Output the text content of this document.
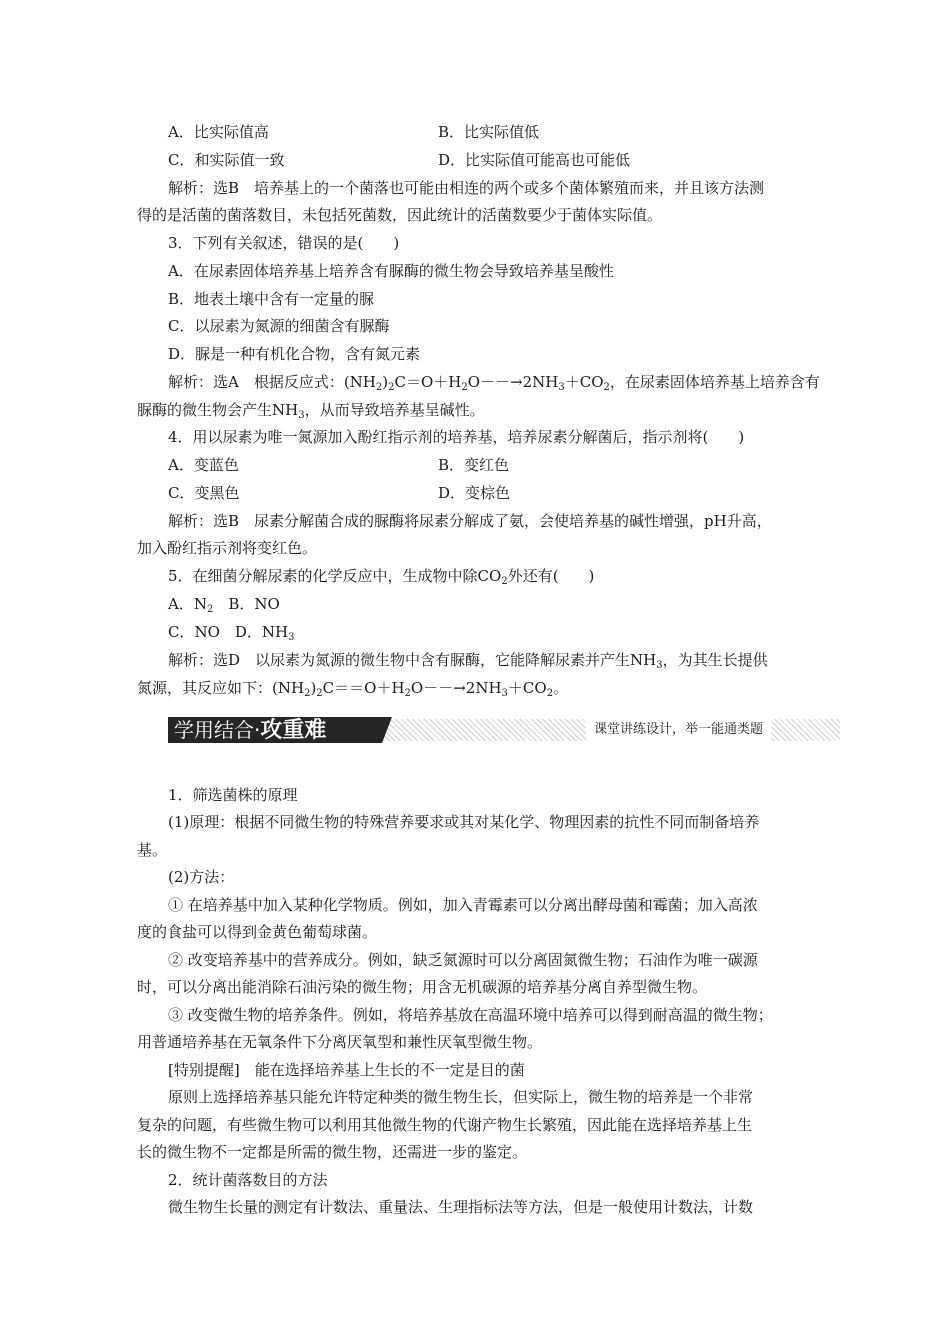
A．比实际值高	B．比实际值低
C．和实际值一致	D．比实际值可能高也可能低
解析：选B　培养基上的一个菌落也可能由相连的两个或多个菌体繁殖而来，并且该方法测
得的是活菌的菌落数目，未包括死菌数，因此统计的活菌数要少于菌体实际值。
3．下列有关叙述，错误的是(　　)
A．在尿素固体培养基上培养含有脲酶的微生物会导致培养基呈酸性
B．地表土壤中含有一定量的脲
C．以尿素为氮源的细菌含有脲酶
D．脲是一种有机化合物，含有氮元素
解析：选A　根据反应式：$(NH_2)_2C=O+H_2O--\to 2NH_3+CO_2$，在尿素固体培养基上培养含有
脲酶的微生物会产生$NH_3$，从而导致培养基呈碱性。
4．用以尿素为唯一氮源加入酚红指示剂的培养基，培养尿素分解菌后，指示剂将(　　)
A．变蓝色	B．变红色
C．变黑色	D．变棕色
解析：选B　尿素分解菌合成的脲酶将尿素分解成了氨，会使培养基的碱性增强，pH升高，
加入酚红指示剂将变红色。
5．在细菌分解尿素的化学反应中，生成物中除$CO_2$外还有(　　)
A．$N_2$　B．NO
C．NO　D．$NH_3$
解析：选D　以尿素为氮源的微生物中含有脲酶，它能降解尿素并产生$NH_3$，为其生长提供
氮源，其反应如下：$(NH_2)_2C==O+H_2O--\to 2NH_3+CO_2$。
学用结合·攻重难	课堂讲练设计，举一能通类题
1．筛选菌株的原理
(1)原理：根据不同微生物的特殊营养要求或其对某化学、物理因素的抗性不同而制备培养
基。
(2)方法：
① 在培养基中加入某种化学物质。例如，加入青霉素可以分离出酵母菌和霉菌；加入高浓
度的食盐可以得到金黄色葡萄球菌。
② 改变培养基中的营养成分。例如，缺乏氮源时可以分离固氮微生物；石油作为唯一碳源
时，可以分离出能消除石油污染的微生物；用含无机碳源的培养基分离自养型微生物。
③ 改变微生物的培养条件。例如，将培养基放在高温环境中培养可以得到耐高温的微生物；
用普通培养基在无氧条件下分离厌氧型和兼性厌氧型微生物。
[特别提醒]　能在选择培养基上生长的不一定是目的菌
原则上选择培养基只能允许特定种类的微生物生长，但实际上，微生物的培养是一个非常
复杂的问题，有些微生物可以利用其他微生物的代谢产物生长繁殖，因此能在选择培养基上生
长的微生物不一定都是所需的微生物，还需进一步的鉴定。
2．统计菌落数目的方法
微生物生长量的测定有计数法、重量法、生理指标法等方法，但是一般使用计数法，计数
